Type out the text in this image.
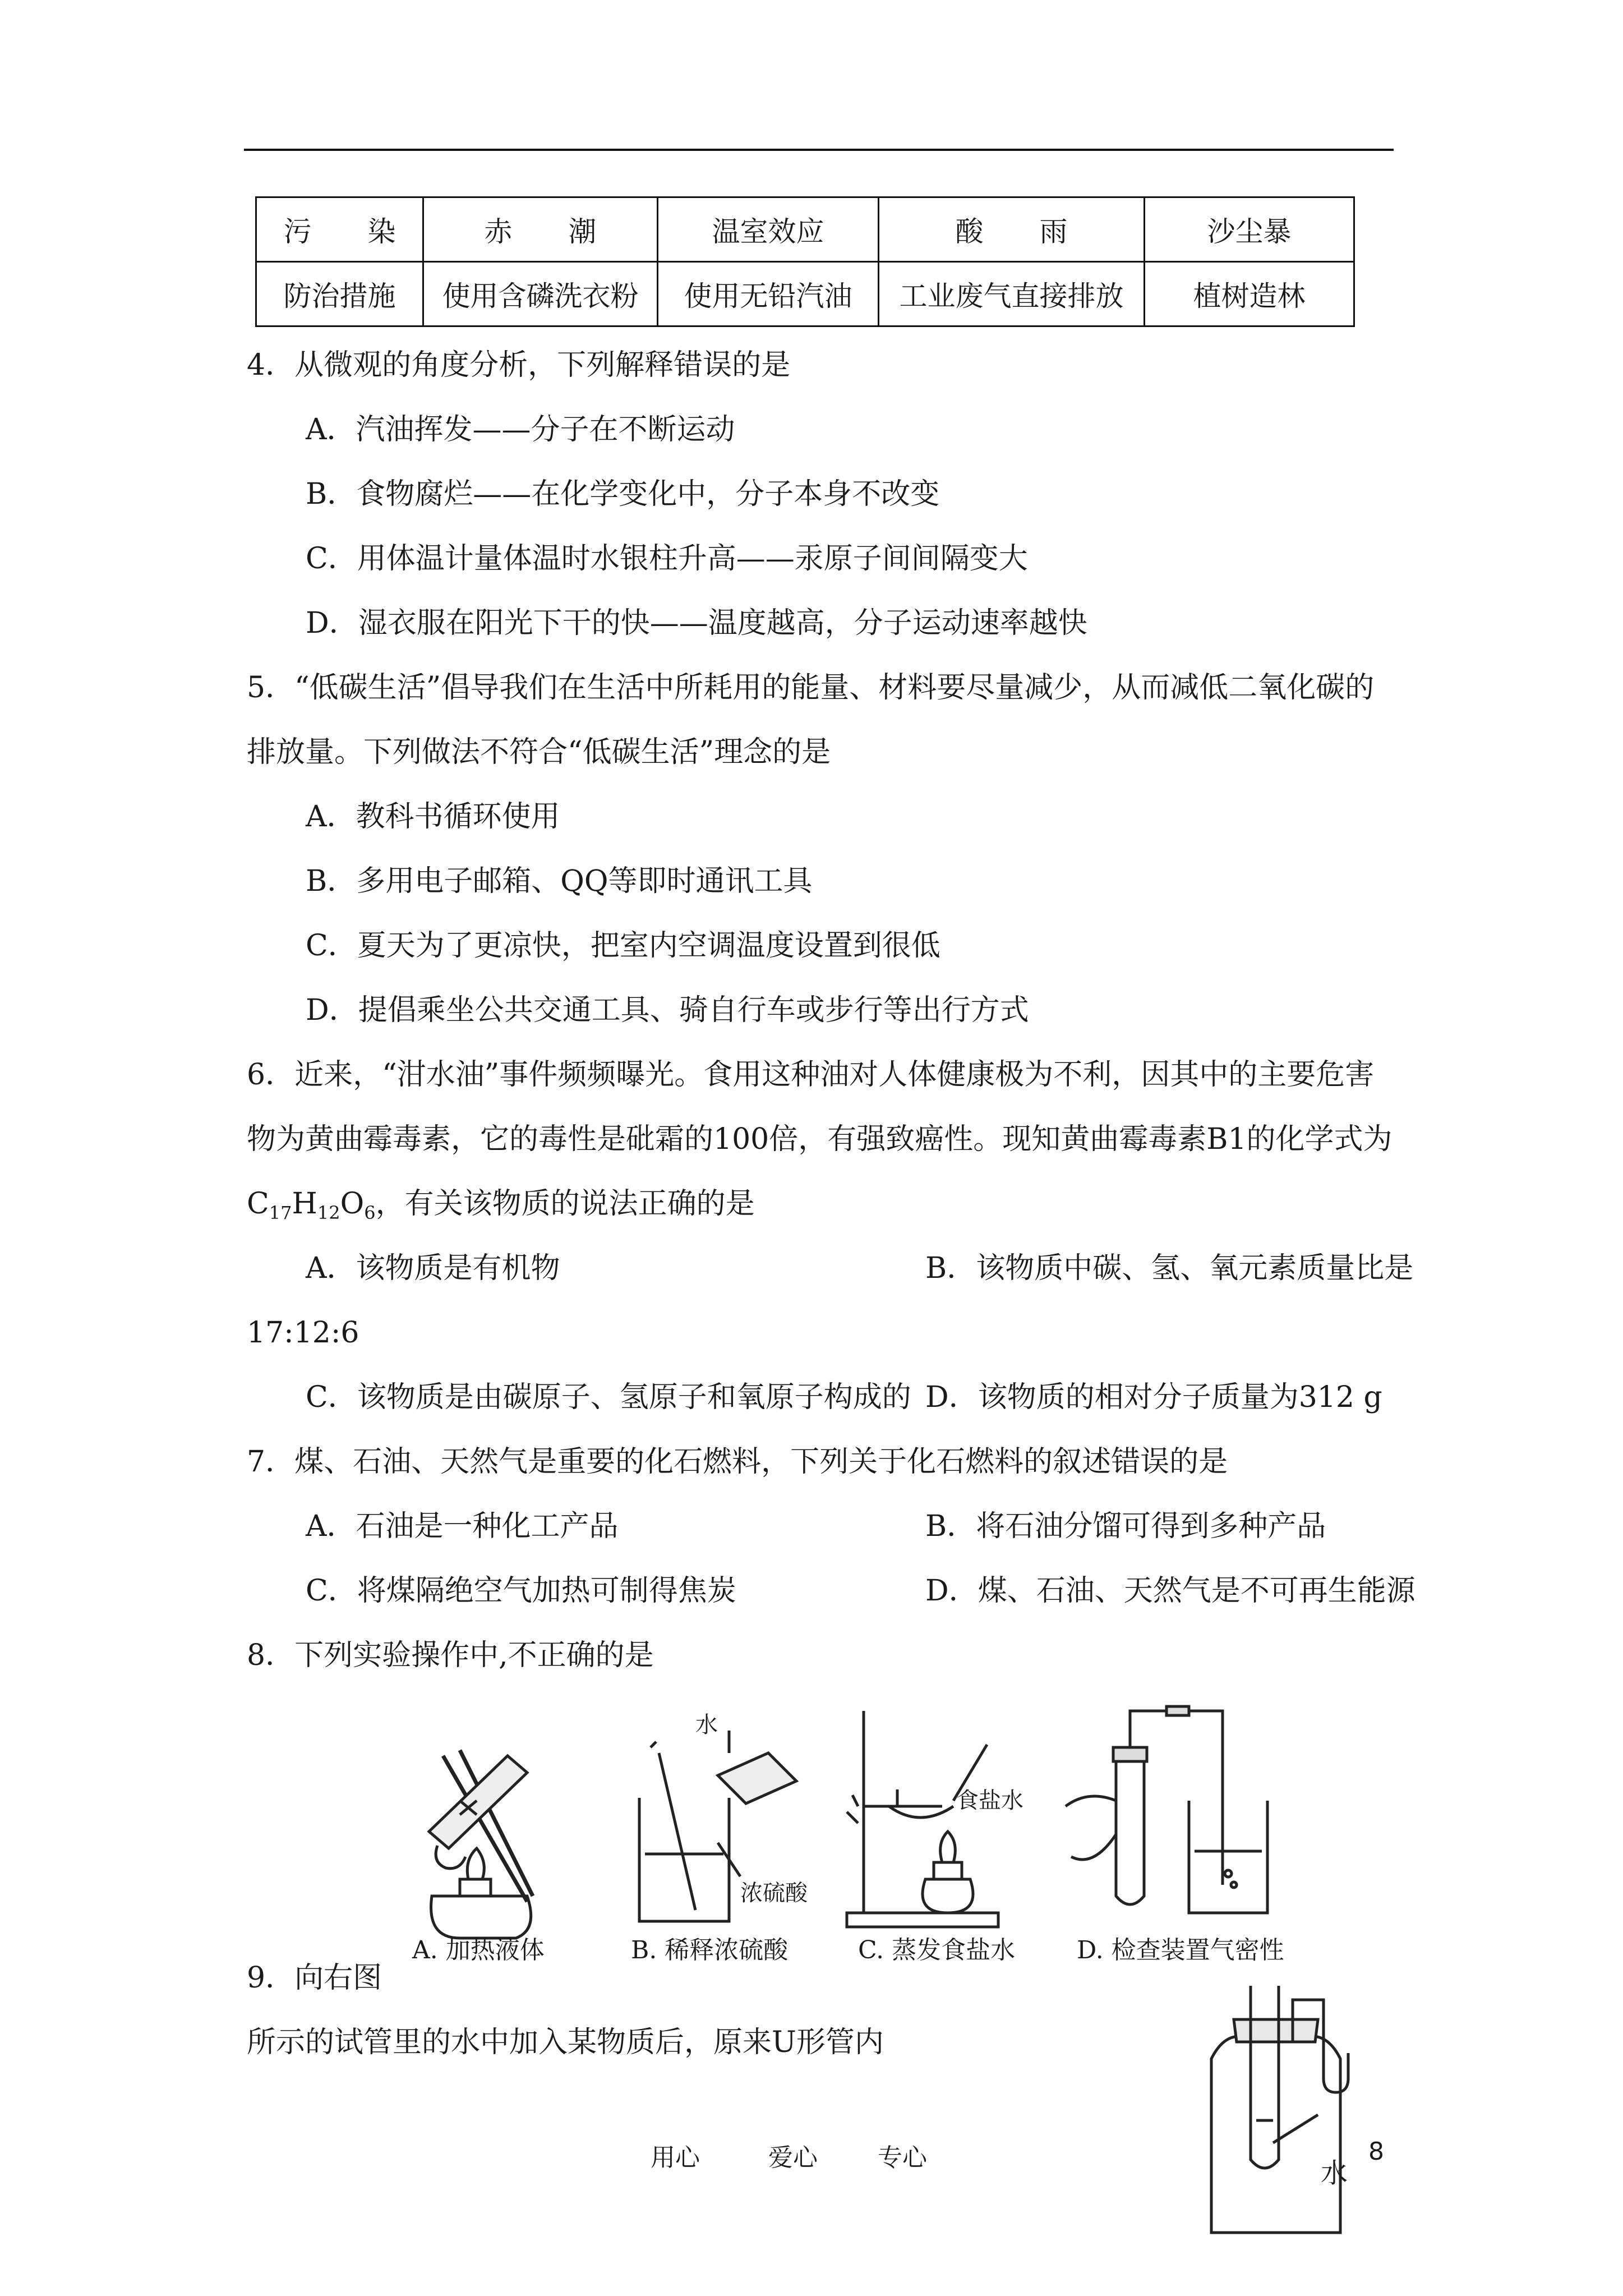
污　　染	赤　　潮	温室效应	酸　　雨	沙尘暴
防治措施	使用含磷洗衣粉	使用无铅汽油	工业废气直接排放	植树造林
4．从微观的角度分析，下列解释错误的是
A．汽油挥发——分子在不断运动
B．食物腐烂——在化学变化中，分子本身不改变
C．用体温计量体温时水银柱升高——汞原子间间隔变大
D．湿衣服在阳光下干的快——温度越高，分子运动速率越快
5．“低碳生活”倡导我们在生活中所耗用的能量、材料要尽量减少，从而减低二氧化碳的
排放量。下列做法不符合“低碳生活”理念的是
A．教科书循环使用
B．多用电子邮箱、QQ等即时通讯工具
C．夏天为了更凉快，把室内空调温度设置到很低
D．提倡乘坐公共交通工具、骑自行车或步行等出行方式
6．近来，“泔水油”事件频频曝光。食用这种油对人体健康极为不利，因其中的主要危害
物为黄曲霉毒素，它的毒性是砒霜的100倍，有强致癌性。现知黄曲霉毒素B1的化学式为
$C_{17}H_{12}O_6$，有关该物质的说法正确的是
A．该物质是有机物	B．该物质中碳、氢、氧元素质量比是
17:12:6
C．该物质是由碳原子、氢原子和氧原子构成的 D．该物质的相对分子质量为312 g
7．煤、石油、天然气是重要的化石燃料，下列关于化石燃料的叙述错误的是
A．石油是一种化工产品	B．将石油分馏可得到多种产品
C．将煤隔绝空气加热可制得焦炭	D．煤、石油、天然气是不可再生能源
8．下列实验操作中,不正确的是
A. 加热液体
水
浓硫酸
B. 稀释浓硫酸
食盐水
C. 蒸发食盐水 D. 检查装置气密性
9．向右图
所示的试管里的水中加入某物质后，原来U形管内
水
用心	爱心 专心	8
